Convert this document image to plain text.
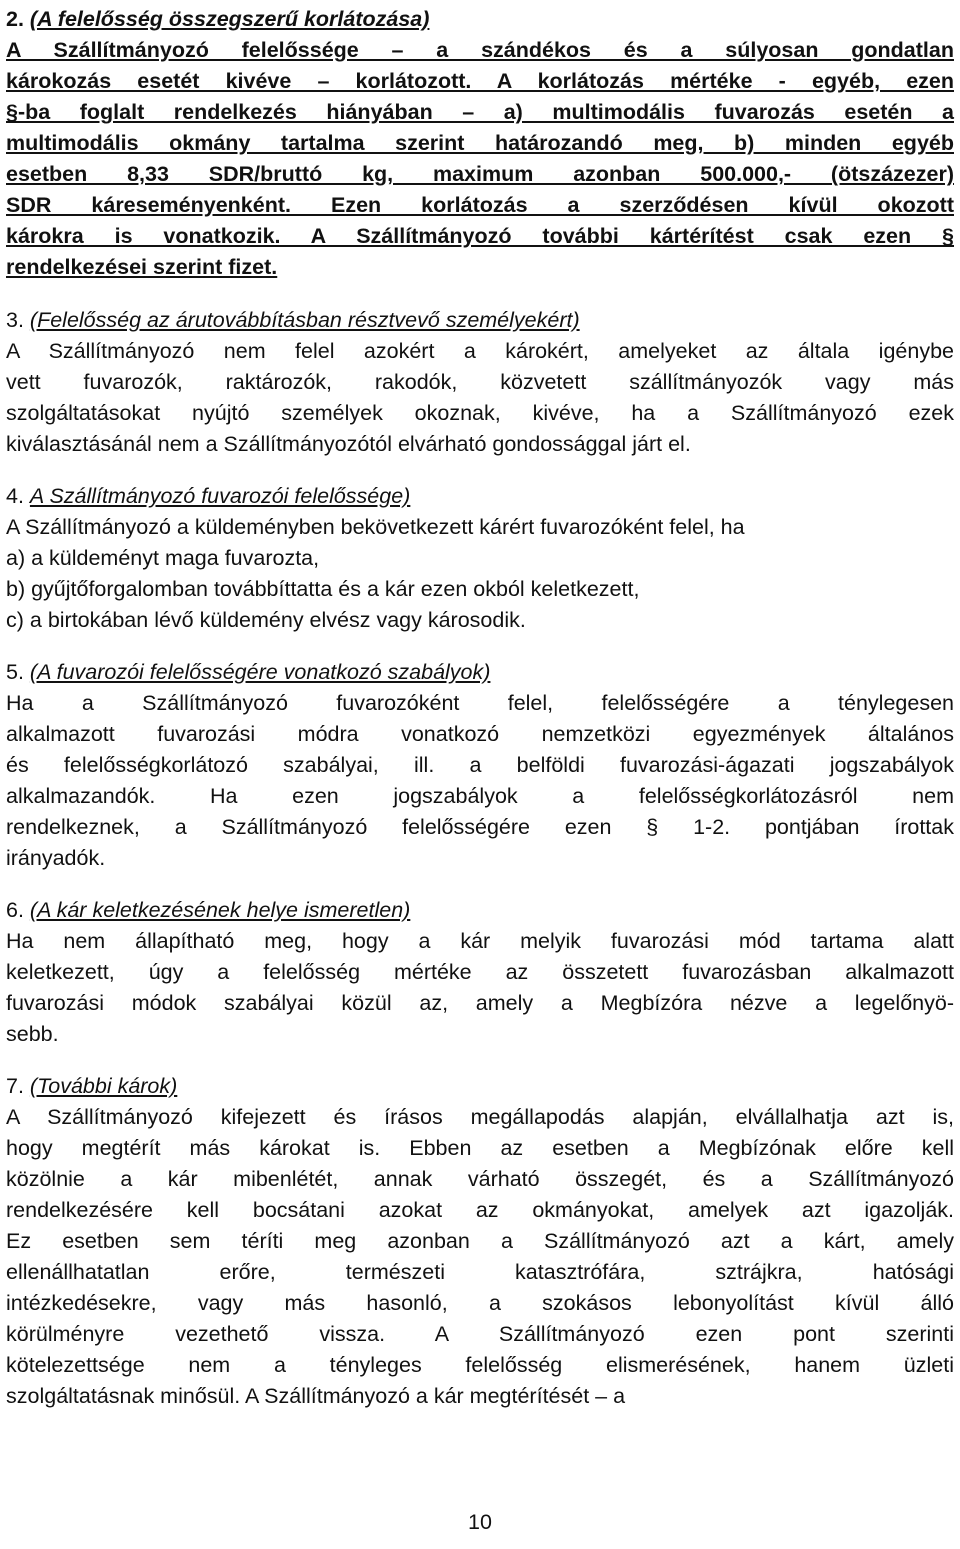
2. (A felelősség összegszerű korlátozása)
A Szállítmányozó felelőssége – a szándékos és a súlyosan gondatlan
károkozás esetét kivéve – korlátozott. A korlátozás mértéke - egyéb, ezen
§-ba foglalt rendelkezés hiányában – a) multimodális fuvarozás esetén a
multimodális okmány tartalma szerint határozandó meg, b) minden egyéb
esetben 8,33 SDR/bruttó kg, maximum azonban 500.000,- (ötszázezer)
SDR káreseményenként. Ezen korlátozás a szerződésen kívül okozott
károkra is vonatkozik. A Szállítmányozó további kártérítést csak ezen §
rendelkezései szerint fizet.
3. (Felelősség az árutovábbításban résztvevő személyekért)
A Szállítmányozó nem felel azokért a károkért, amelyeket az általa igénybe
vett fuvarozók, raktározók, rakodók, közvetett szállítmányozók vagy más
szolgáltatásokat nyújtó személyek okoznak, kivéve, ha a Szállítmányozó ezek
kiválasztásánál nem a Szállítmányozótól elvárható gondossággal járt el.
4. A Szállítmányozó fuvarozói felelőssége)
A Szállítmányozó a küldeményben bekövetkezett kárért fuvarozóként felel, ha
a) a küldeményt maga fuvarozta,
b) gyűjtőforgalomban továbbíttatta és a kár ezen okból keletkezett,
c) a birtokában lévő küldemény elvész vagy károsodik.
5. (A fuvarozói felelősségére vonatkozó szabályok)
Ha a Szállítmányozó fuvarozóként felel, felelősségére a ténylegesen
alkalmazott fuvarozási módra vonatkozó nemzetközi egyezmények általános
és felelősségkorlátozó szabályai, ill. a belföldi fuvarozási-ágazati jogszabályok
alkalmazandók. Ha ezen jogszabályok a felelősségkorlátozásról nem
rendelkeznek, a Szállítmányozó felelősségére ezen § 1-2. pontjában írottak
irányadók.
6. (A kár keletkezésének helye ismeretlen)
Ha nem állapítható meg, hogy a kár melyik fuvarozási mód tartama alatt
keletkezett, úgy a felelősség mértéke az összetett fuvarozásban alkalmazott
fuvarozási módok szabályai közül az, amely a Megbízóra nézve a legelőnyö-
sebb.
7. (További károk)
A Szállítmányozó kifejezett és írásos megállapodás alapján, elvállalhatja azt is,
hogy megtérít más károkat is. Ebben az esetben a Megbízónak előre kell
közölnie a kár mibenlétét, annak várható összegét, és a Szállítmányozó
rendelkezésére kell bocsátani azokat az okmányokat, amelyek azt igazolják.
Ez esetben sem téríti meg azonban a Szállítmányozó azt a kárt, amely
ellenállhatatlan erőre, természeti katasztrófára, sztrájkra, hatósági
intézkedésekre, vagy más hasonló, a szokásos lebonyolítást kívül álló
körülményre vezethető vissza. A Szállítmányozó ezen pont szerinti
kötelezettsége nem a tényleges felelősség elismerésének, hanem üzleti
szolgáltatásnak minősül. A Szállítmányozó a kár megtérítését – a
10
